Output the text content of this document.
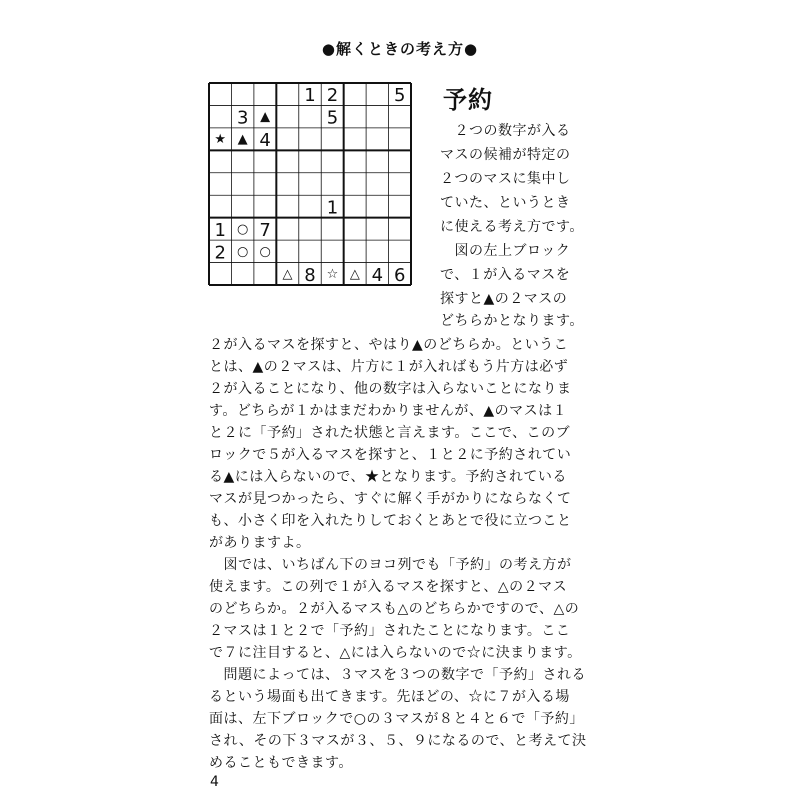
●解くときの考え方●
1 2	5
3 ▲	5
★ ▲ 4
1
1 ○ 7
2 ○ ○
△ 8 ☆ △ 4 6
予約
　２つの数字が入る
マスの候補が特定の
２つのマスに集中し
ていた、というとき
に使える考え方です。
　図の左上ブロック
で、１が入るマスを
探すと▲の２マスの
どちらかとなります。
２が入るマスを探すと、やはり▲のどちらか。というこ
とは、▲の２マスは、片方に１が入ればもう片方は必ず
２が入ることになり、他の数字は入らないことになりま
す。どちらが１かはまだわかりませんが、▲のマスは１
と２に「予約」された状態と言えます。ここで、このブ
ロックで５が入るマスを探すと、１と２に予約されてい
る▲には入らないので、★となります。予約されている
マスが見つかったら、すぐに解く手がかりにならなくて
も、小さく印を入れたりしておくとあとで役に立つこと
がありますよ。
　図では、いちばん下のヨコ列でも「予約」の考え方が
使えます。この列で１が入るマスを探すと、△の２マス
のどちらか。２が入るマスも△のどちらかですので、△の
２マスは１と２で「予約」されたことになります。ここ
で７に注目すると、△には入らないので☆に決まります。
　問題によっては、３マスを３つの数字で「予約」される
るという場面も出てきます。先ほどの、☆に７が入る場
面は、左下ブロックで○の３マスが８と４と６で「予約」
され、その下３マスが３、５、９になるので、と考えて決
めることもできます。
4
